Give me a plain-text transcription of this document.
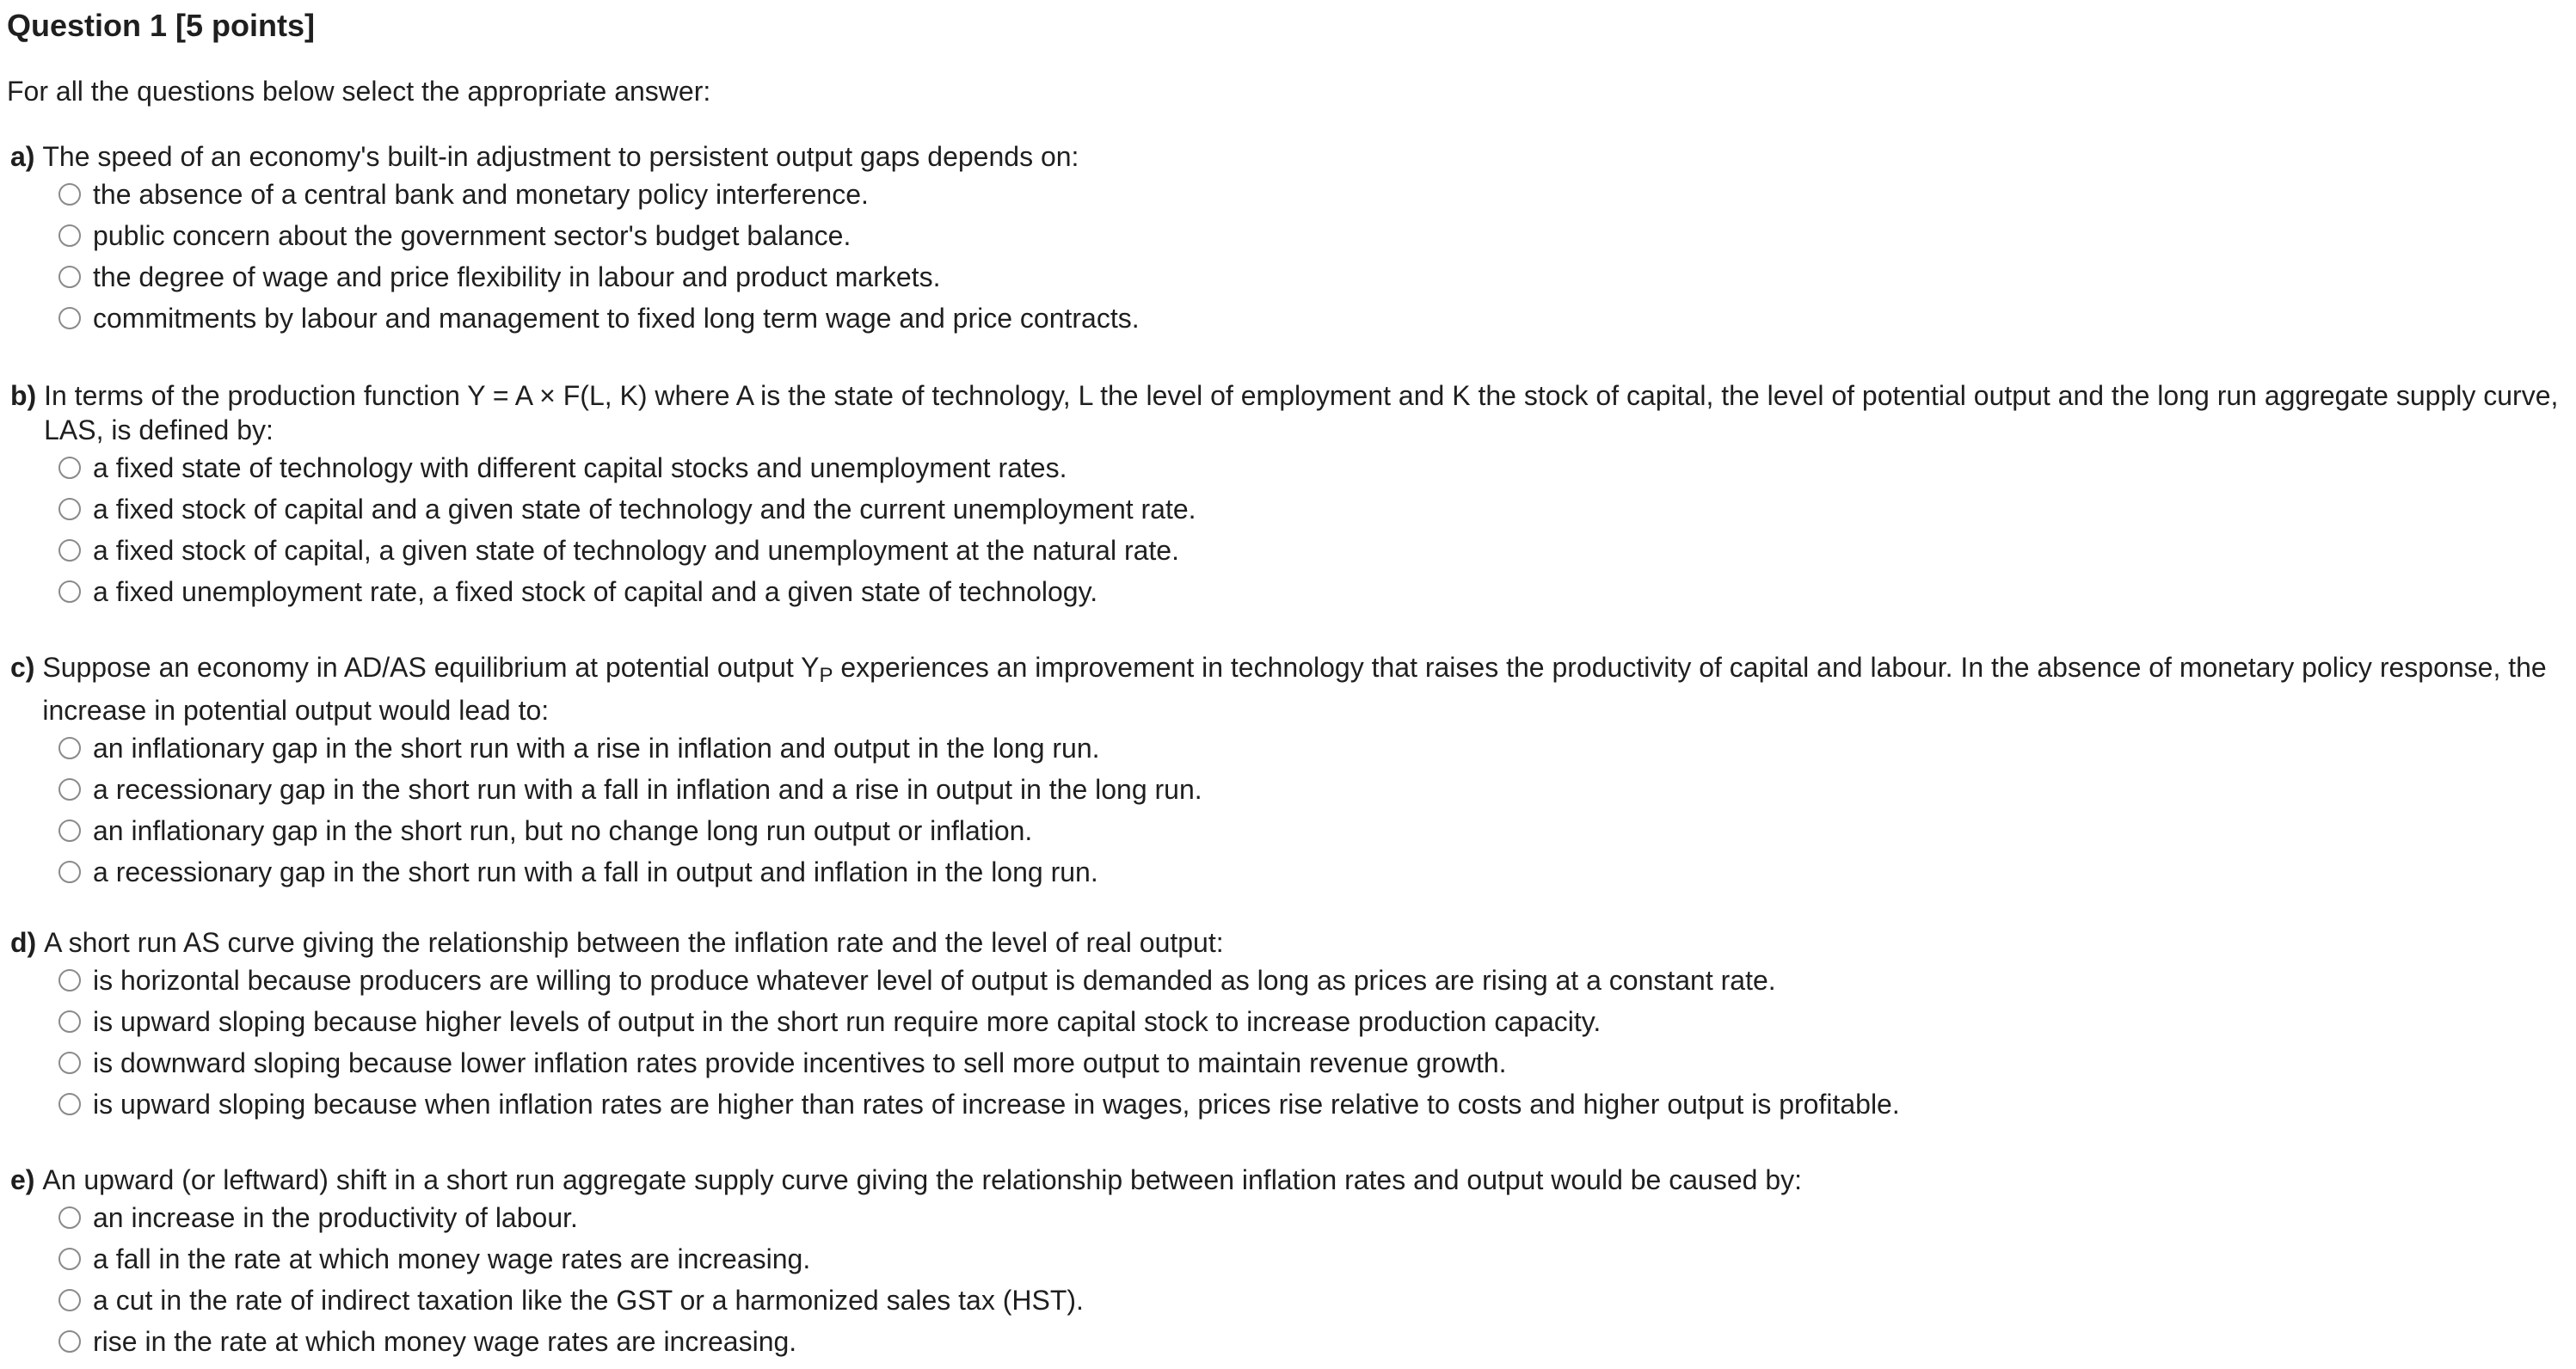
Question 1 [5 points]

For all the questions below select the appropriate answer:

a)
The speed of an economy's built-in adjustment to persistent output gaps depends on:
the absence of a central bank and monetary policy interference.
public concern about the government sector's budget balance.
the degree of wage and price flexibility in labour and product markets.
commitments by labour and management to fixed long term wage and price contracts.
b)
In terms of the production function Y = A × F(L, K) where A is the state of technology, L the level of employment and K the stock of capital, the level of potential output and the long run aggregate supply curve, LAS, is defined by:
a fixed state of technology with different capital stocks and unemployment rates.
a fixed stock of capital and a given state of technology and the current unemployment rate.
a fixed stock of capital, a given state of technology and unemployment at the natural rate.
a fixed unemployment rate, a fixed stock of capital and a given state of technology.
c)
Suppose an economy in AD/AS equilibrium at potential output $Y_P$ experiences an improvement in technology that raises the productivity of capital and labour. In the absence of monetary policy response, the increase in potential output would lead to:
an inflationary gap in the short run with a rise in inflation and output in the long run.
a recessionary gap in the short run with a fall in inflation and a rise in output in the long run.
an inflationary gap in the short run, but no change long run output or inflation.
a recessionary gap in the short run with a fall in output and inflation in the long run.
d)
A short run AS curve giving the relationship between the inflation rate and the level of real output:
is horizontal because producers are willing to produce whatever level of output is demanded as long as prices are rising at a constant rate.
is upward sloping because higher levels of output in the short run require more capital stock to increase production capacity.
is downward sloping because lower inflation rates provide incentives to sell more output to maintain revenue growth.
is upward sloping because when inflation rates are higher than rates of increase in wages, prices rise relative to costs and higher output is profitable.
e)
An upward (or leftward) shift in a short run aggregate supply curve giving the relationship between inflation rates and output would be caused by:
an increase in the productivity of labour.
a fall in the rate at which money wage rates are increasing.
a cut in the rate of indirect taxation like the GST or a harmonized sales tax (HST).
rise in the rate at which money wage rates are increasing.
